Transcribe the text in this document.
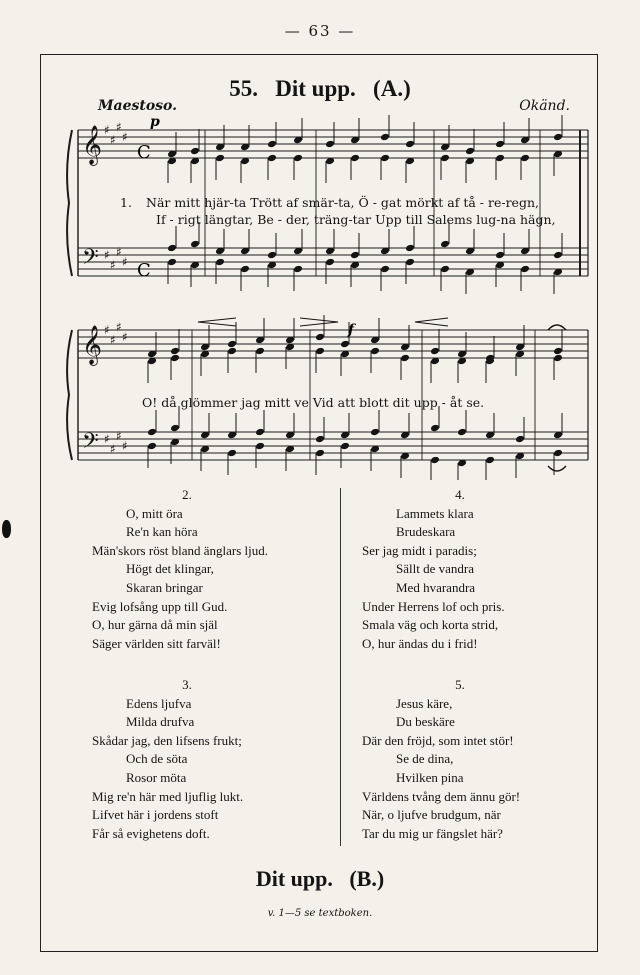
— 63 —
55. Dit upp. (A.)
Maestoso.	Okänd.
𝄞 ♯
♯
♯
♯
𝄢 ♯
♯
♯
♯
𝄞 ♯
♯
♯
♯
𝄢 ♯
♯
♯
♯
p
f
C
C
1. När mitt hjär-ta Trött af smär-ta, Ö - gat mörkt af tå - re-regn,
If - rigt längtar, Be - der, träng-tar Upp till Salems lug-na hägn,
O! då glömmer jag mitt ve Vid att blott dit upp - åt se.
2.
O, mitt öra
Re'n kan höra
Män'skors röst bland änglars ljud.
Högt det klingar,
Skaran bringar
Evig lofsång upp till Gud.
O, hur gärna då min själ
Säger världen sitt farväl!
3.
Edens ljufva
Milda drufva
Skådar jag, den lifsens frukt;
Och de söta
Rosor möta
Mig re'n här med ljuflig lukt.
Lifvet här i jordens stoft
Får så evighetens doft.
4.
Lammets klara
Brudeskara
Ser jag midt i paradis;
Sällt de vandra
Med hvarandra
Under Herrens lof och pris.
Smala väg och korta strid,
O, hur ändas du i frid!
5.
Jesus käre,
Du beskäre
Där den fröjd, som intet stör!
Se de dina,
Hvilken pina
Världens tvång dem ännu gör!
När, o ljufve brudgum, när
Tar du mig ur fängslet här?
Dit upp. (B.)
v. 1—5 se textboken.
